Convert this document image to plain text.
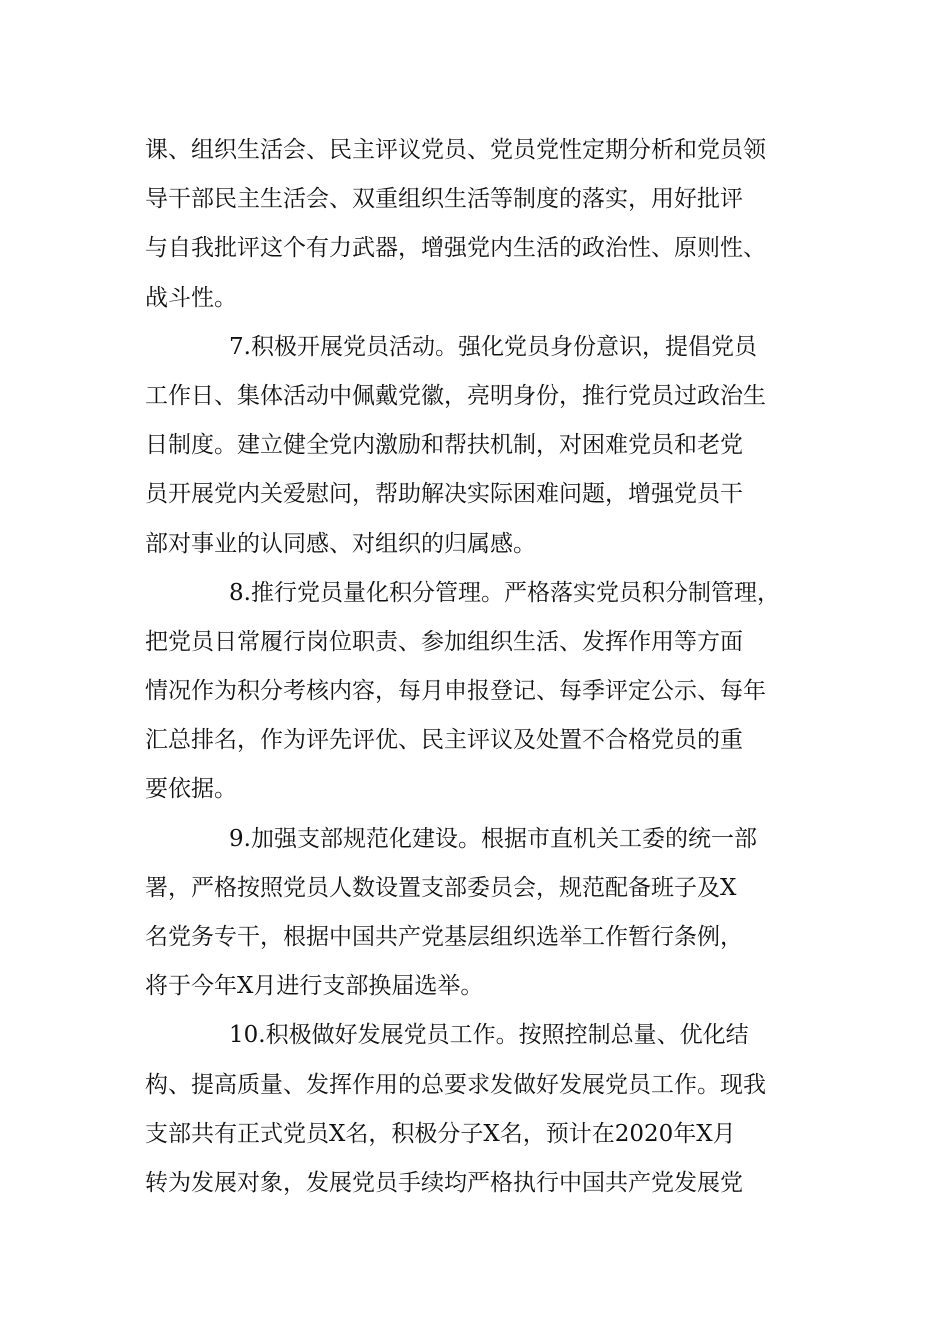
课、组织生活会、民主评议党员、党员党性定期分析和党员领
导干部民主生活会、双重组织生活等制度的落实，用好批评
与自我批评这个有力武器，增强党内生活的政治性、原则性、
战斗性。
7.积极开展党员活动。强化党员身份意识，提倡党员
工作日、集体活动中佩戴党徽，亮明身份，推行党员过政治生
日制度。建立健全党内激励和帮扶机制，对困难党员和老党
员开展党内关爱慰问，帮助解决实际困难问题，增强党员干
部对事业的认同感、对组织的归属感。
8.推行党员量化积分管理。严格落实党员积分制管理，
把党员日常履行岗位职责、参加组织生活、发挥作用等方面
情况作为积分考核内容，每月申报登记、每季评定公示、每年
汇总排名，作为评先评优、民主评议及处置不合格党员的重
要依据。
9.加强支部规范化建设。根据市直机关工委的统一部
署，严格按照党员人数设置支部委员会，规范配备班子及X
名党务专干，根据中国共产党基层组织选举工作暂行条例，
将于今年X月进行支部换届选举。
10.积极做好发展党员工作。按照控制总量、优化结
构、提高质量、发挥作用的总要求发做好发展党员工作。现我
支部共有正式党员X名，积极分子X名，预计在2020年X月
转为发展对象，发展党员手续均严格执行中国共产党发展党
